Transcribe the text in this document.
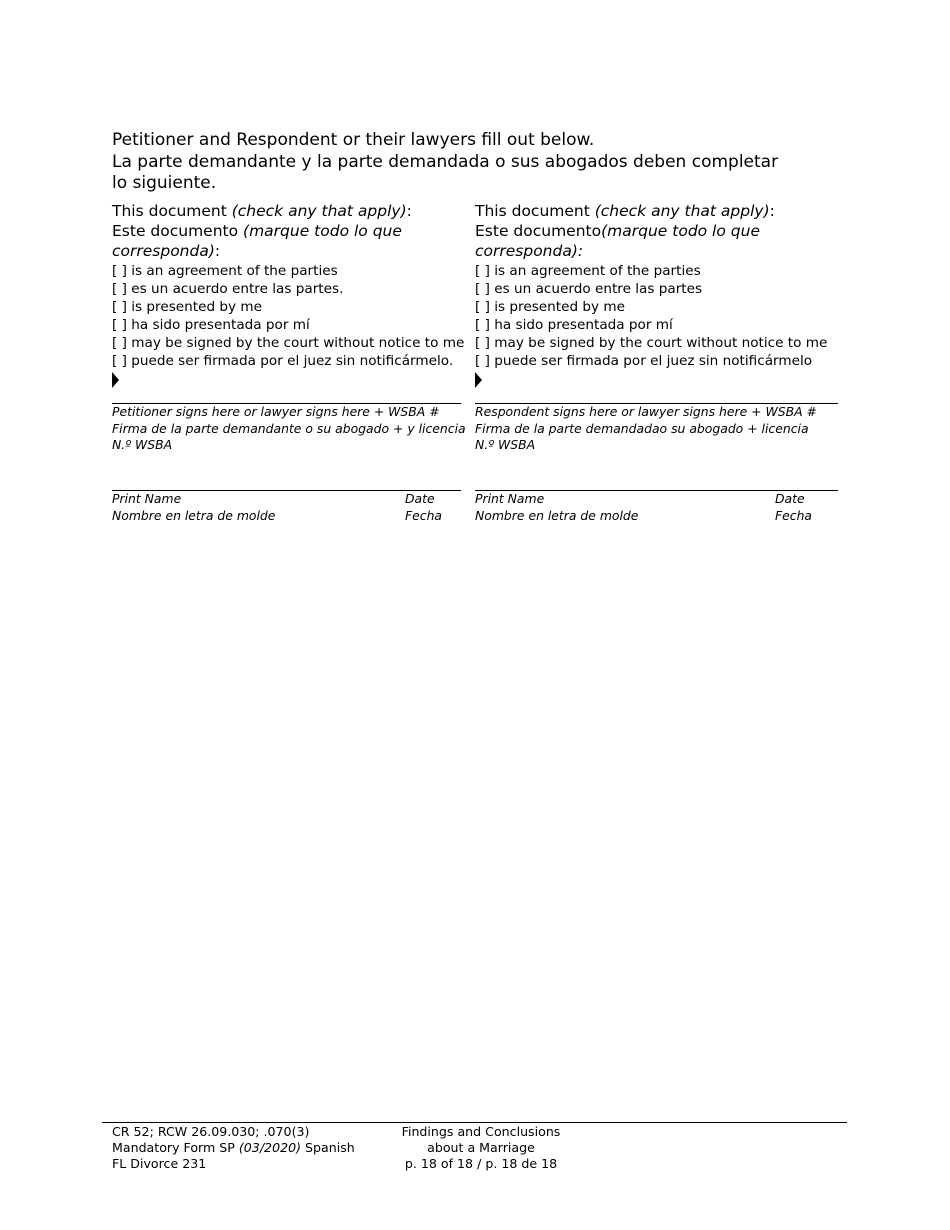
Petitioner and Respondent or their lawyers fill out below.
La parte demandante y la parte demandada o sus abogados deben completar
lo siguiente.
This document (check any that apply):
Este documento (marque todo lo que
corresponda):
[ ] is an agreement of the parties
[ ] es un acuerdo entre las partes.
[ ] is presented by me
[ ] ha sido presentada por mí
[ ] may be signed by the court without notice to me
[ ] puede ser firmada por el juez sin notificármelo.
Petitioner signs here or lawyer signs here + WSBA #
Firma de la parte demandante o su abogado + y licencia
N.º WSBA
Print Name
Nombre en letra de molde
Date
Fecha
This document (check any that apply):
Este documento(marque todo lo que
corresponda):
[ ] is an agreement of the parties
[ ] es un acuerdo entre las partes
[ ] is presented by me
[ ] ha sido presentada por mí
[ ] may be signed by the court without notice to me
[ ] puede ser firmada por el juez sin notificármelo
Respondent signs here or lawyer signs here + WSBA #
Firma de la parte demandadao su abogado + licencia
N.º WSBA
Print Name
Nombre en letra de molde
Date
Fecha
CR 52; RCW 26.09.030; .070(3)
Mandatory Form SP (03/2020) Spanish
FL Divorce 231
Findings and Conclusions
about a Marriage
p. 18 of 18 / p. 18 de 18
